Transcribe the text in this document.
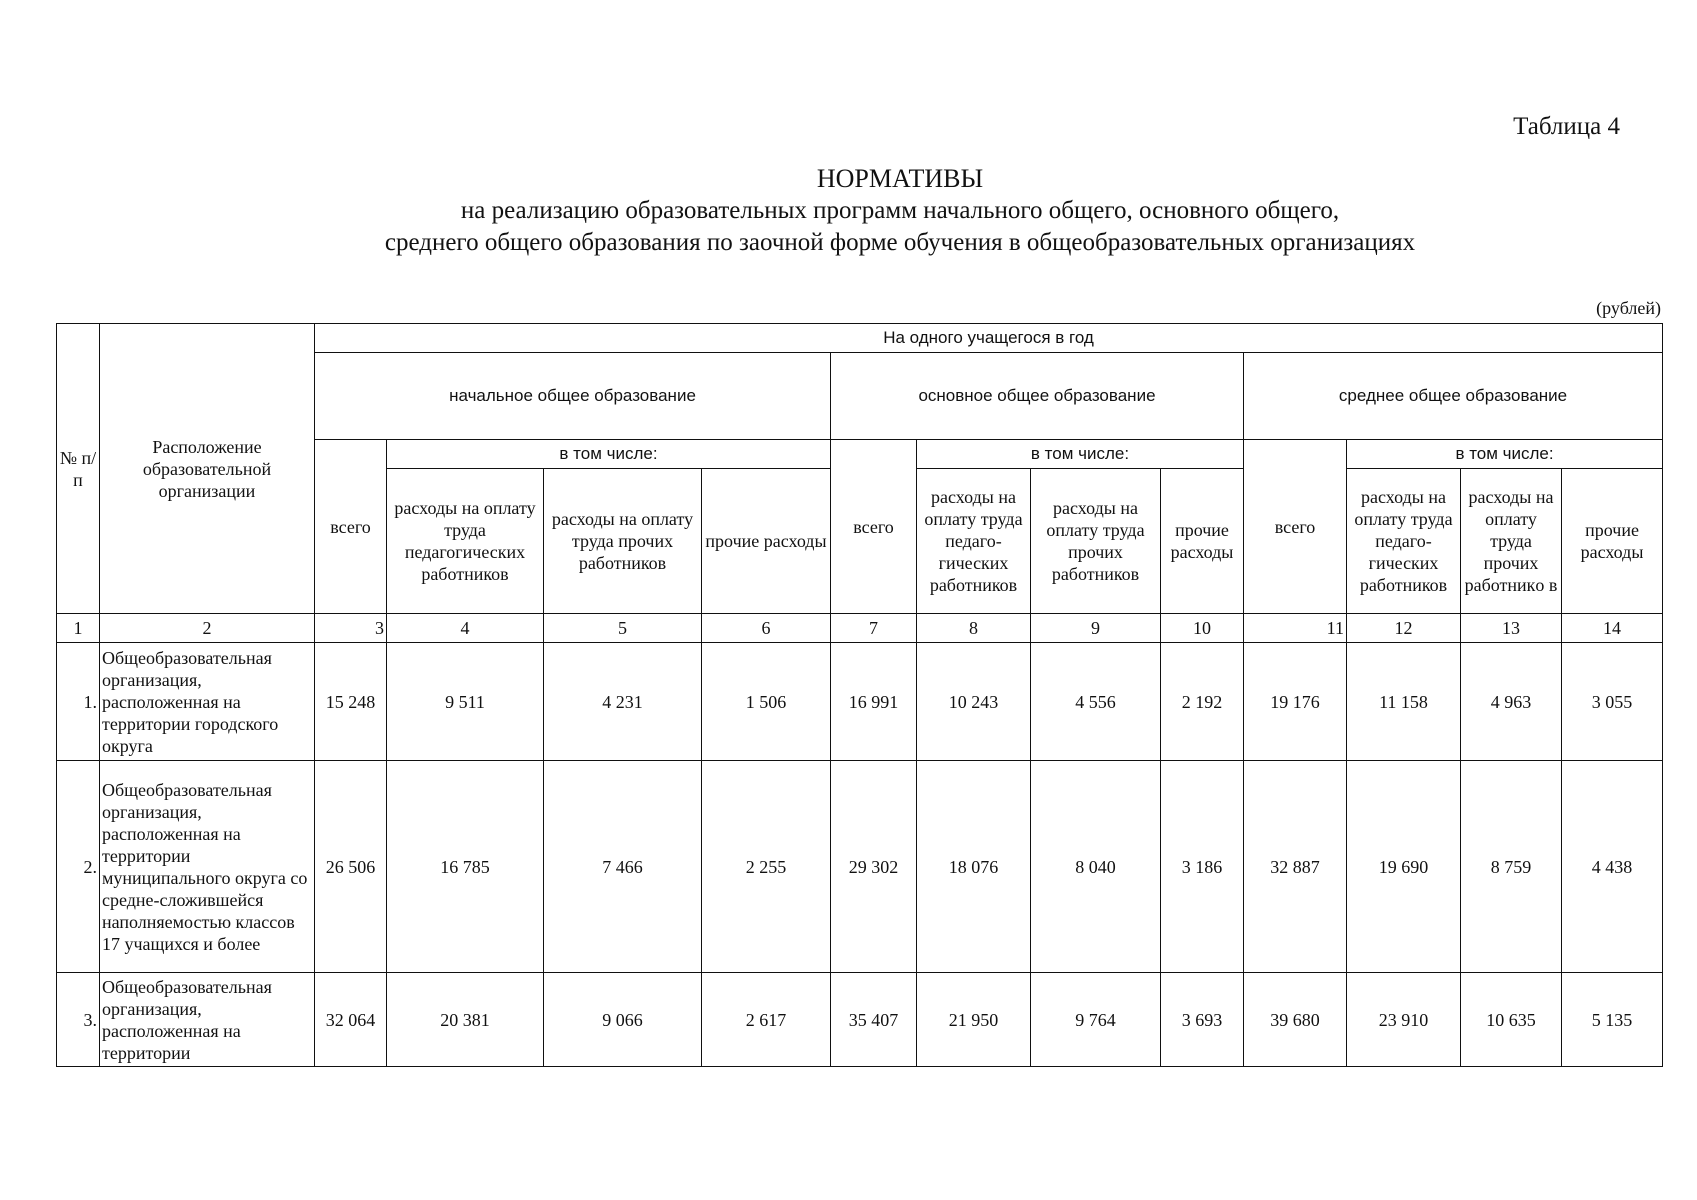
Таблица 4
НОРМАТИВЫ
на реализацию образовательных программ начального общего, основного общего,
среднего общего образования по заочной форме обучения в общеобразовательных организациях
(рублей)
№ п/п	Расположение образовательной организации	На одного учащегося в год											
		начальное общее образование				основное общее образование				среднее общее образование			
		всего	в том числе:			всего	в том числе:			всего	в том числе:		
			расходы на оплату труда педагогических работников	расходы на оплату труда прочих работников	прочие расходы		расходы на оплату труда педаго-гических работников	расходы на оплату труда прочих работников	прочие расходы		расходы на оплату труда педаго-гических работников	расходы на оплату труда прочих работникo в	прочие расходы
1	2	3	4	5	6	7	8	9	10	11	12	13	14
1.	Общеобразовательная организация, расположенная на территории городского округа	15 248	9 511	4 231	1 506	16 991	10 243	4 556	2 192	19 176	11 158	4 963	3 055
2.	Общеобразовательная организация, расположенная на территории муниципального округа со средне-сложившейся наполняемостью классов 17 учащихся и более	26 506	16 785	7 466	2 255	29 302	18 076	8 040	3 186	32 887	19 690	8 759	4 438
3.	Общеобразовательная организация, расположенная на территории	32 064	20 381	9 066	2 617	35 407	21 950	9 764	3 693	39 680	23 910	10 635	5 135
